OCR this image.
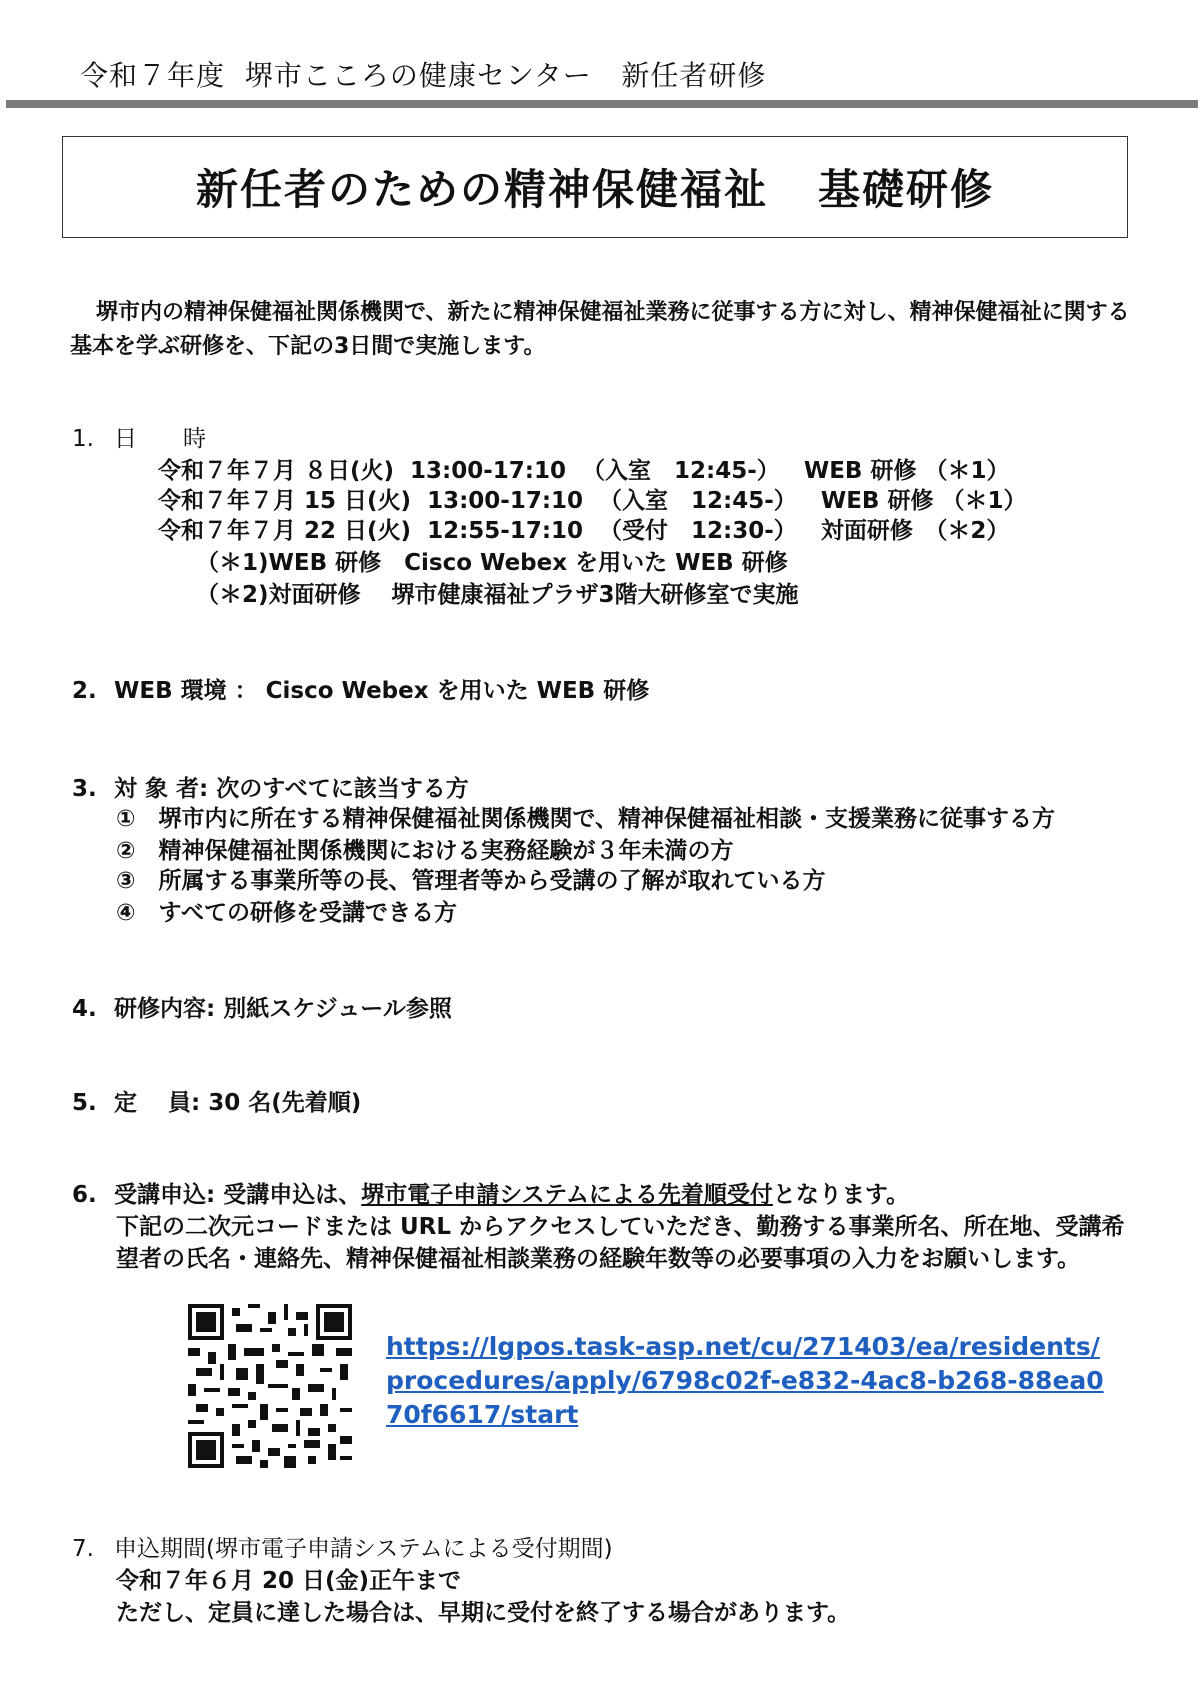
令和７年度 堺市こころの健康センター 新任者研修
新任者のための精神保健福祉 基礎研修
堺市内の精神保健福祉関係機関で、新たに精神保健福祉業務に従事する方に対し、精神保健福祉に関する基本を学ぶ研修を、下記の3日間で実施します。
1. 日　　時
令和７年７月 ８日(火) 13:00-17:10 （入室　12:45-） WEB 研修 （＊1）
令和７年７月 15 日(火) 13:00-17:10 （入室　12:45-） WEB 研修 （＊1）
令和７年７月 22 日(火) 12:55-17:10 （受付　12:30-） 対面研修　（＊2）
（＊1)WEB 研修　Cisco Webex を用いた WEB 研修
（＊2)対面研修　 堺市健康福祉プラザ3階大研修室で実施
2. WEB 環境 ： Cisco Webex を用いた WEB 研修
3. 対 象 者: 次のすべてに該当する方
①　堺市内に所在する精神保健福祉関係機関で、精神保健福祉相談・支援業務に従事する方
②　精神保健福祉関係機関における実務経験が３年未満の方
③　所属する事業所等の長、管理者等から受講の了解が取れている方
④　すべての研修を受講できる方
4. 研修内容: 別紙スケジュール参照
5. 定　 員: 30 名(先着順)
6. 受講申込: 受講申込は、堺市電子申請システムによる先着順受付となります。
下記の二次元コードまたは URL からアクセスしていただき、勤務する事業所名、所在地、受講希
望者の氏名・連絡先、精神保健福祉相談業務の経験年数等の必要事項の入力をお願いします。
https://lgpos.task-asp.net/cu/271403/ea/residents/procedures/apply/6798c02f-e832-4ac8-b268-88ea070f6617/start
7. 申込期間(堺市電子申請システムによる受付期間)
令和７年６月 20 日(金)正午まで
ただし、定員に達した場合は、早期に受付を終了する場合があります。
